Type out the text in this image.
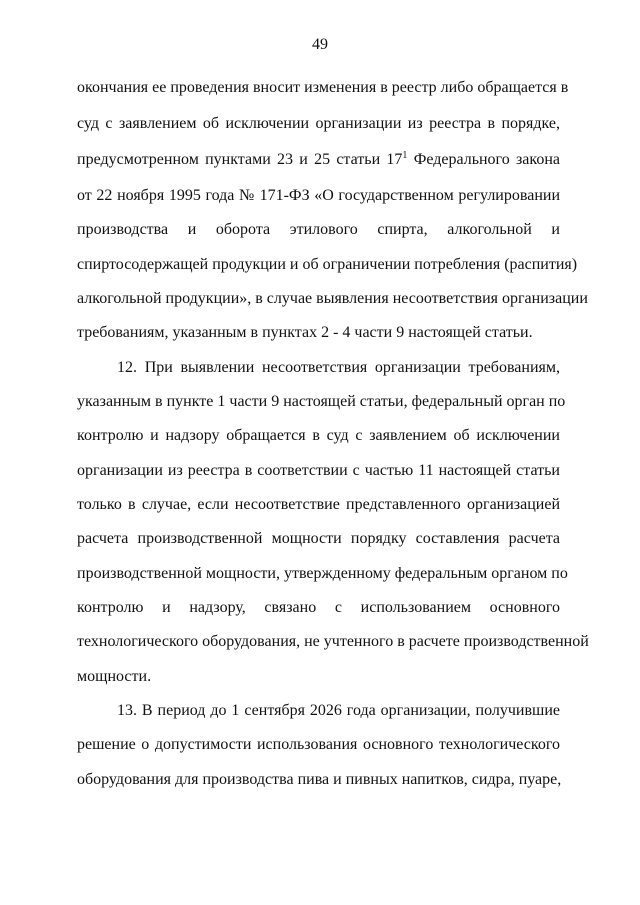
49
окончания ее проведения вносит изменения в реестр либо обращается в
суд с заявлением об исключении организации из реестра в порядке,
предусмотренном пунктами 23 и 25 статьи $17^1$ Федерального закона
от 22 ноября 1995 года № 171-ФЗ «О государственном регулировании
производства и оборота этилового спирта, алкогольной и
спиртосодержащей продукции и об ограничении потребления (распития)
алкогольной продукции», в случае выявления несоответствия организации
требованиям, указанным в пунктах 2 - 4 части 9 настоящей статьи.
12. При выявлении несоответствия организации требованиям,
указанным в пункте 1 части 9 настоящей статьи, федеральный орган по
контролю и надзору обращается в суд с заявлением об исключении
организации из реестра в соответствии с частью 11 настоящей статьи
только в случае, если несоответствие представленного организацией
расчета производственной мощности порядку составления расчета
производственной мощности, утвержденному федеральным органом по
контролю и надзору, связано с использованием основного
технологического оборудования, не учтенного в расчете производственной
мощности.
13. В период до 1 сентября 2026 года организации, получившие
решение о допустимости использования основного технологического
оборудования для производства пива и пивных напитков, сидра, пуаре,
